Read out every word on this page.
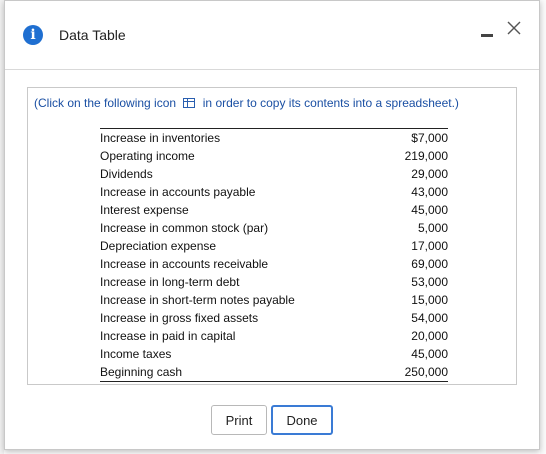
i	Data Table
(Click on the following icon in order to copy its contents into a spreadsheet.)
Increase in inventories	$7,000
Operating income	219,000
Dividends	29,000
Increase in accounts payable	43,000
Interest expense	45,000
Increase in common stock (par)	5,000
Depreciation expense	17,000
Increase in accounts receivable	69,000
Increase in long-term debt	53,000
Increase in short-term notes payable	15,000
Increase in gross fixed assets	54,000
Increase in paid in capital	20,000
Income taxes	45,000
Beginning cash	250,000
Print	Done
